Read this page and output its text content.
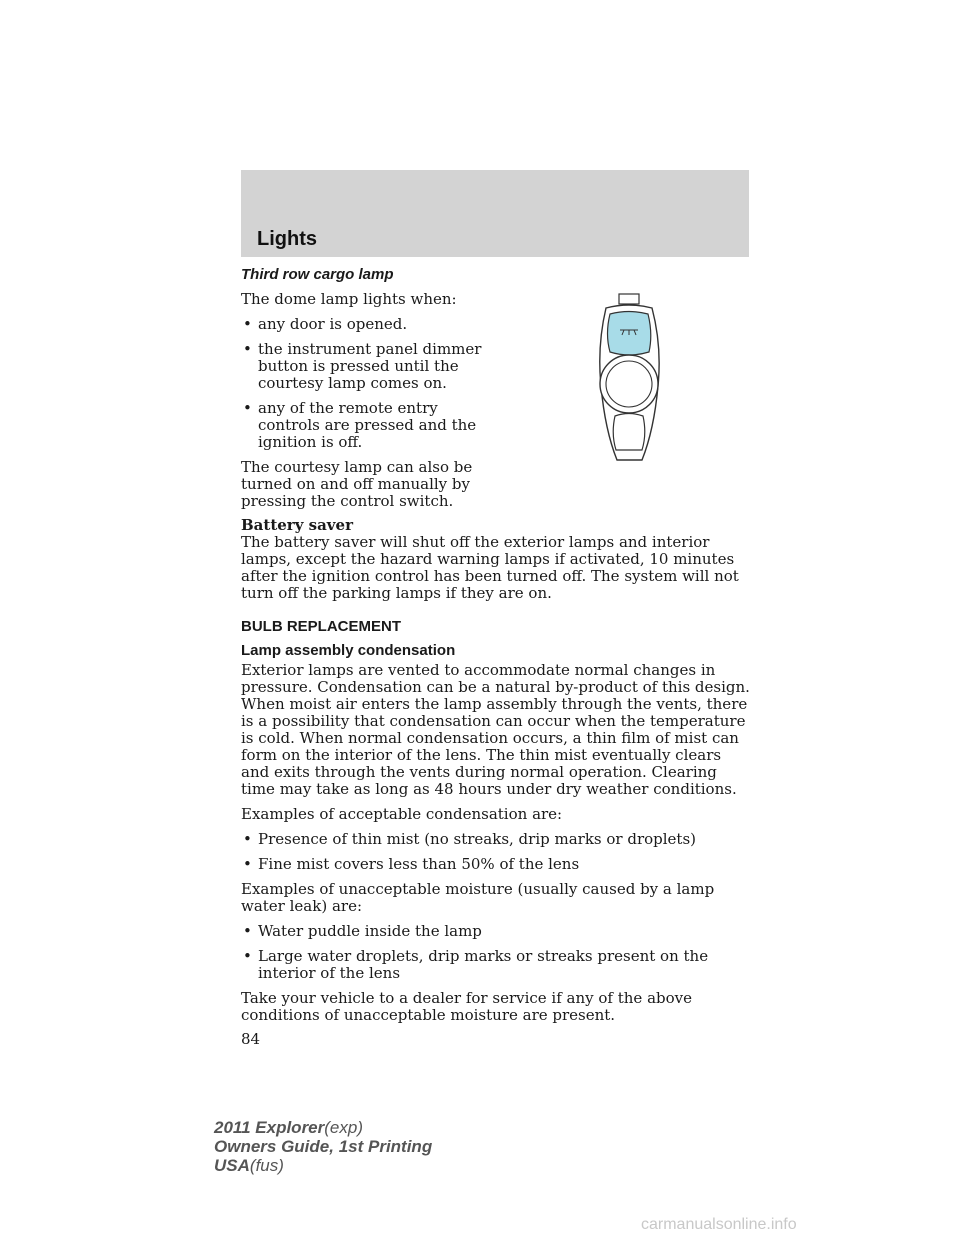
Lights

Third row cargo lamp

The dome lamp lights when:

• any door is opened.
• the instrument panel dimmer button is pressed until the courtesy lamp comes on.
• any of the remote entry controls are pressed and the ignition is off.

The courtesy lamp can also be turned on and off manually by pressing the control switch.

Battery saver

The battery saver will shut off the exterior lamps and interior lamps, except the hazard warning lamps if activated, 10 minutes after the ignition control has been turned off. The system will not turn off the parking lamps if they are on.

BULB REPLACEMENT

Lamp assembly condensation

Exterior lamps are vented to accommodate normal changes in pressure. Condensation can be a natural by-product of this design. When moist air enters the lamp assembly through the vents, there is a possibility that condensation can occur when the temperature is cold. When normal condensation occurs, a thin film of mist can form on the interior of the lens. The thin mist eventually clears and exits through the vents during normal operation. Clearing time may take as long as 48 hours under dry weather conditions.

Examples of acceptable condensation are:

• Presence of thin mist (no streaks, drip marks or droplets)
• Fine mist covers less than 50% of the lens

Examples of unacceptable moisture (usually caused by a lamp water leak) are:

• Water puddle inside the lamp
• Large water droplets, drip marks or streaks present on the interior of the lens

Take your vehicle to a dealer for service if any of the above conditions of unacceptable moisture are present.

84

2011 Explorer(exp)
Owners Guide, 1st Printing
USA(fus)
carmanualsonline.info
